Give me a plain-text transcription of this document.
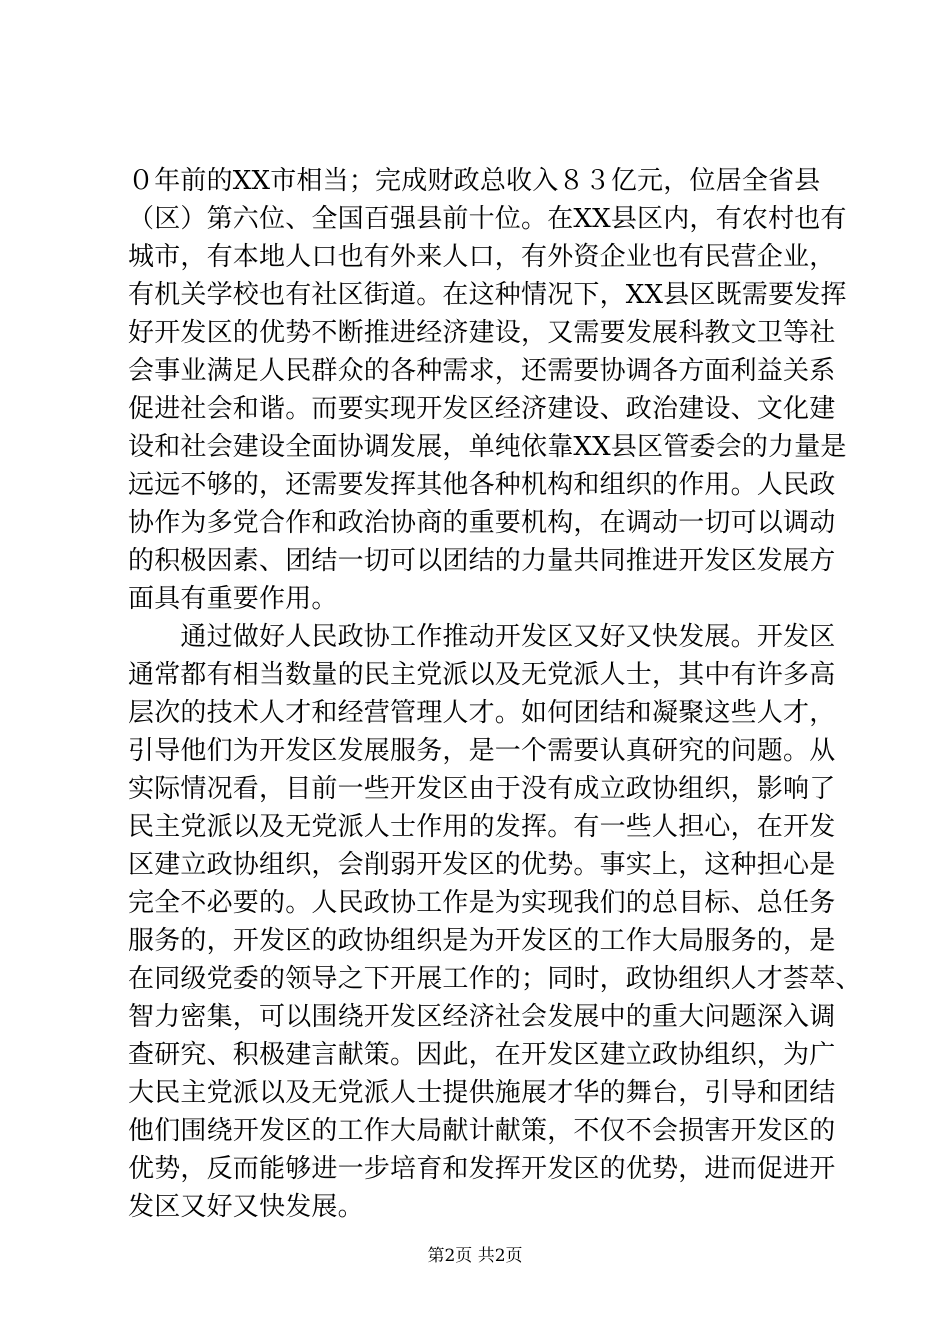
０年前的XX市相当；完成财政总收入８３亿元，位居全省县
（区）第六位、全国百强县前十位。在XX县区内，有农村也有
城市，有本地人口也有外来人口，有外资企业也有民营企业，
有机关学校也有社区街道。在这种情况下，XX县区既需要发挥
好开发区的优势不断推进经济建设，又需要发展科教文卫等社
会事业满足人民群众的各种需求，还需要协调各方面利益关系
促进社会和谐。而要实现开发区经济建设、政治建设、文化建
设和社会建设全面协调发展，单纯依靠XX县区管委会的力量是
远远不够的，还需要发挥其他各种机构和组织的作用。人民政
协作为多党合作和政治协商的重要机构，在调动一切可以调动
的积极因素、团结一切可以团结的力量共同推进开发区发展方
面具有重要作用。
　　通过做好人民政协工作推动开发区又好又快发展。开发区
通常都有相当数量的民主党派以及无党派人士，其中有许多高
层次的技术人才和经营管理人才。如何团结和凝聚这些人才，
引导他们为开发区发展服务，是一个需要认真研究的问题。从
实际情况看，目前一些开发区由于没有成立政协组织，影响了
民主党派以及无党派人士作用的发挥。有一些人担心，在开发
区建立政协组织，会削弱开发区的优势。事实上，这种担心是
完全不必要的。人民政协工作是为实现我们的总目标、总任务
服务的，开发区的政协组织是为开发区的工作大局服务的，是
在同级党委的领导之下开展工作的；同时，政协组织人才荟萃、
智力密集，可以围绕开发区经济社会发展中的重大问题深入调
查研究、积极建言献策。因此，在开发区建立政协组织，为广
大民主党派以及无党派人士提供施展才华的舞台，引导和团结
他们围绕开发区的工作大局献计献策，不仅不会损害开发区的
优势，反而能够进一步培育和发挥开发区的优势，进而促进开
发区又好又快发展。
第2页 共2页
